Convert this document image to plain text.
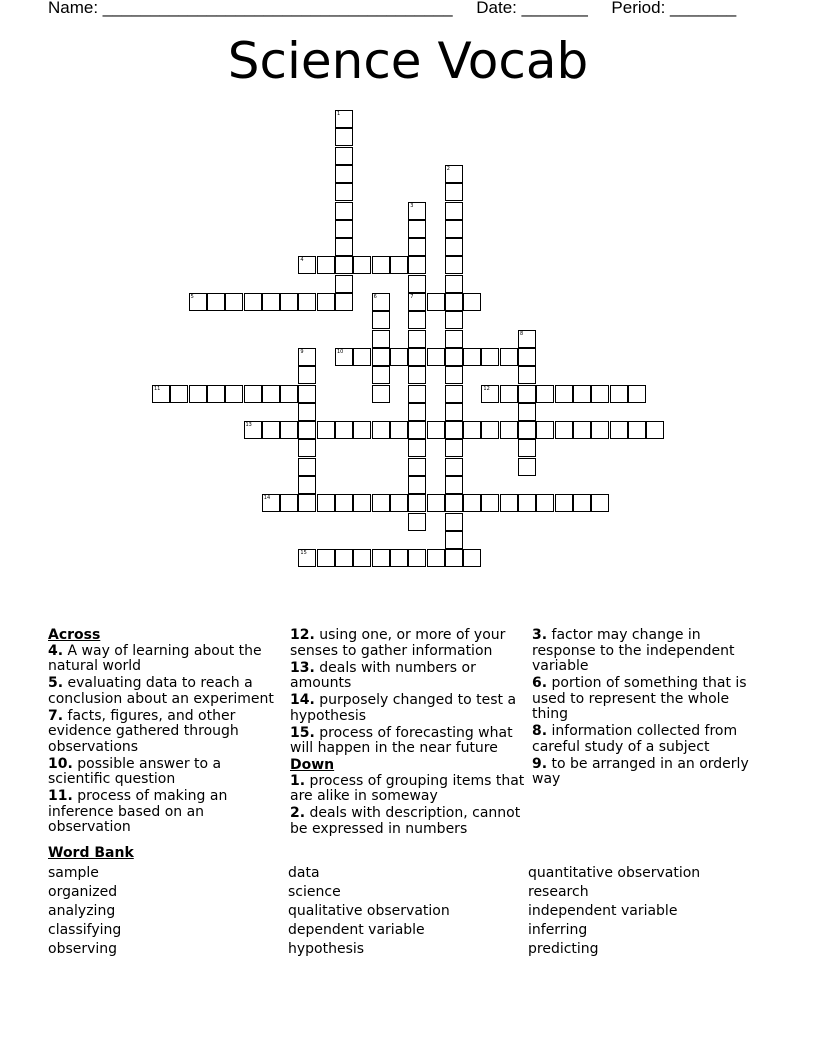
Name: _____________________________________ Date: _______ Period: _______
Science Vocab
1
2
3
7
4
5	6
8
9	10
11	12
13
14
15
Across
4. A way of learning about the natural world
5. evaluating data to reach a conclusion about an experiment
7. facts, figures, and other evidence gathered through observations
10. possible answer to a scientific question
11. process of making an inference based on an observation
12. using one, or more of your senses to gather information
13. deals with numbers or amounts
14. purposely changed to test a hypothesis
15. process of forecasting what will happen in the near future
Down
1. process of grouping items that are alike in someway
2. deals with description, cannot be expressed in numbers
3. factor may change in response to the independent variable
6. portion of something that is used to represent the whole thing
8. information collected from careful study of a subject
9. to be arranged in an orderly way
Word Bank
sample
organized
analyzing
classifying
observing
data
science
qualitative observation
dependent variable
hypothesis
quantitative observation
research
independent variable
inferring
predicting
